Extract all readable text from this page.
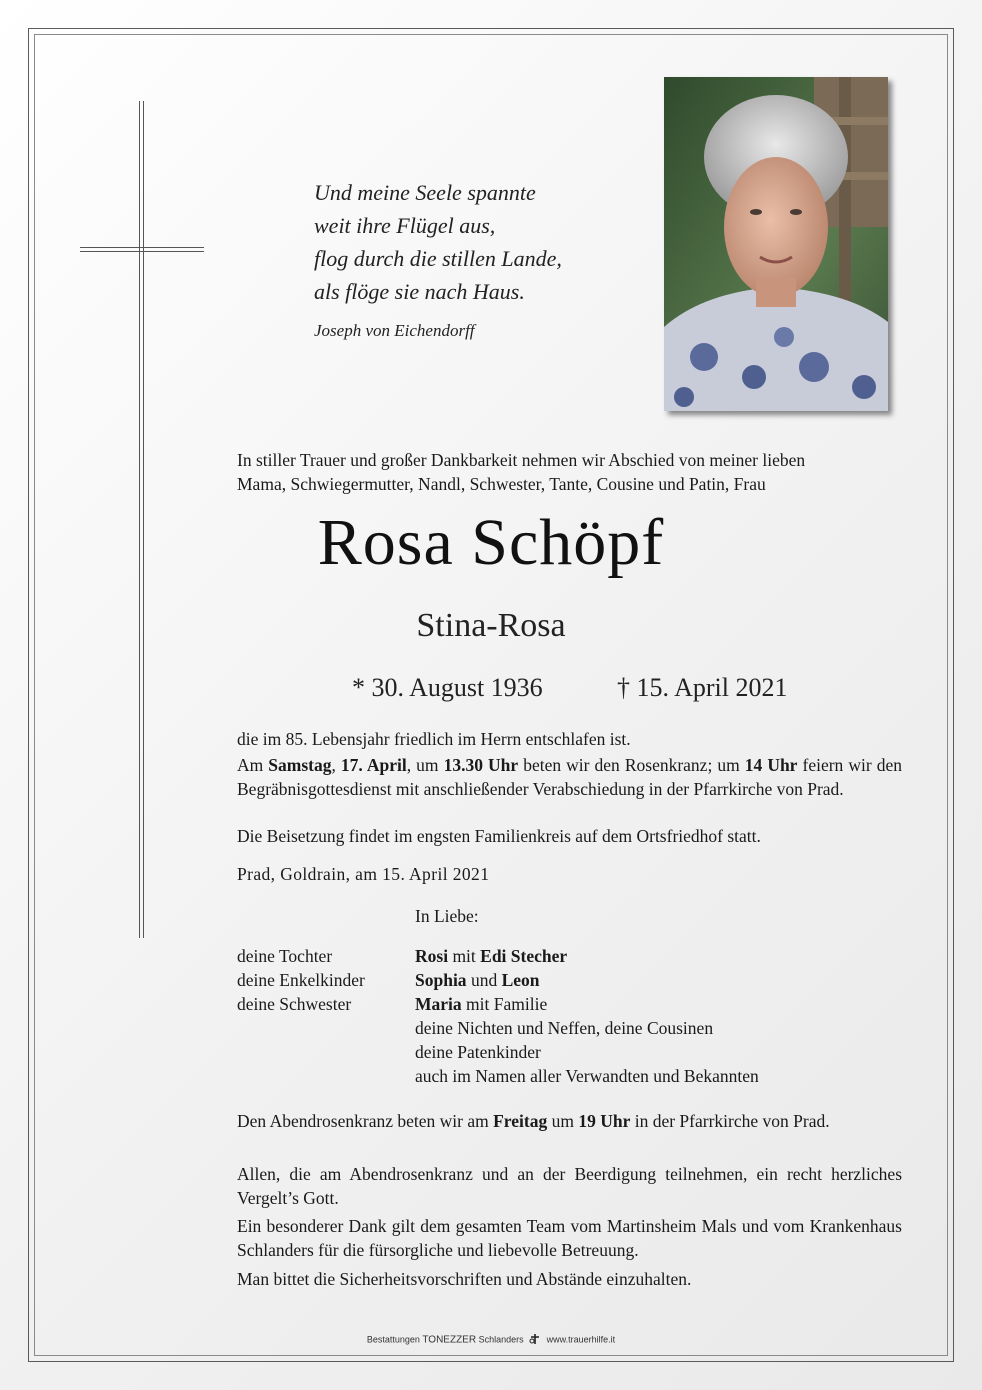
Und meine Seele spannte
weit ihre Flügel aus,
flog durch die stillen Lande,
als flöge sie nach Haus.
Joseph von Eichendorff
In stiller Trauer und großer Dankbarkeit nehmen wir Abschied von meiner lieben
Mama, Schwiegermutter, Nandl, Schwester, Tante, Cousine und Patin, Frau
Rosa Schöpf
Stina-Rosa
* 30. August 1936	† 15. April 2021
die im 85. Lebensjahr friedlich im Herrn entschlafen ist.
Am Samstag, 17. April, um 13.30 Uhr beten wir den Rosenkranz; um 14 Uhr feiern wir den Begräbnisgottesdienst mit anschließender Verabschiedung in der Pfarrkirche von Prad.
Die Beisetzung findet im engsten Familienkreis auf dem Ortsfriedhof statt.
Prad, Goldrain, am 15. April 2021
In Liebe:
deine Tochter
deine Enkelkinder
deine Schwester
Rosi mit Edi Stecher
Sophia und Leon
Maria mit Familie
deine Nichten und Neffen, deine Cousinen
deine Patenkinder
auch im Namen aller Verwandten und Bekannten
Den Abendrosenkranz beten wir am Freitag um 19 Uhr in der Pfarrkirche von Prad.
Allen, die am Abendrosenkranz und an der Beerdigung teilnehmen, ein recht herzliches Vergelt’s Gott.
Ein besonderer Dank gilt dem gesamten Team vom Martinsheim Mals und vom Krankenhaus Schlanders für die fürsorgliche und liebevolle Betreuung.
Man bittet die Sicherheitsvorschriften und Abstände einzuhalten.
Bestattungen TONEZZER Schlanders	www.trauerhilfe.it
